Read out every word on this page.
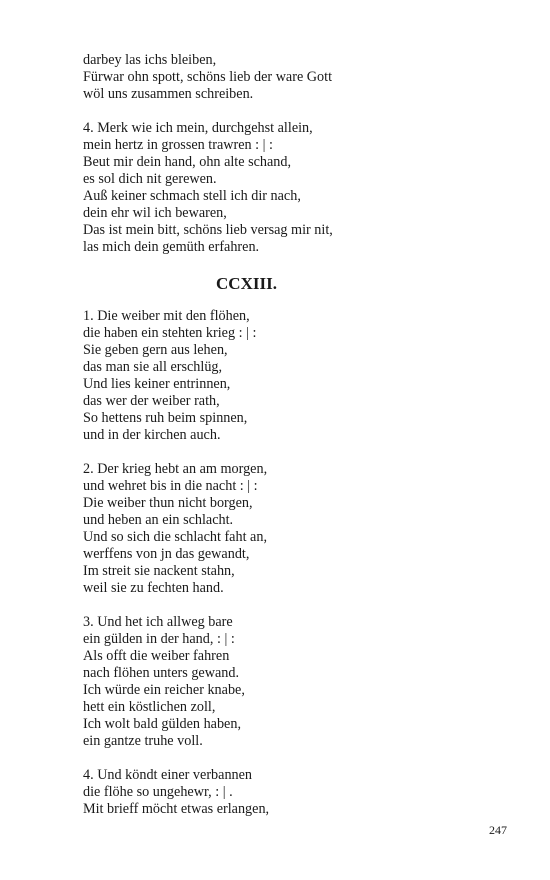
darbey las ichs bleiben,
Fürwar ohn spott, schöns lieb der ware Gott
wöl uns zusammen schreiben.
4. Merk wie ich mein, durchgehst allein,
mein hertz in grossen trawren : | :
Beut mir dein hand, ohn alte schand,
es sol dich nit gerewen.
Auß keiner schmach stell ich dir nach,
dein ehr wil ich bewaren,
Das ist mein bitt, schöns lieb versag mir nit,
las mich dein gemüth erfahren.
CCXIII.
1. Die weiber mit den flöhen,
die haben ein stehten krieg : | :
Sie geben gern aus lehen,
das man sie all erschlüg,
Und lies keiner entrinnen,
das wer der weiber rath,
So hettens ruh beim spinnen,
und in der kirchen auch.
2. Der krieg hebt an am morgen,
und wehret bis in die nacht : | :
Die weiber thun nicht borgen,
und heben an ein schlacht.
Und so sich die schlacht faht an,
werffens von jn das gewandt,
Im streit sie nackent stahn,
weil sie zu fechten hand.
3. Und het ich allweg bare
ein gülden in der hand, : | :
Als offt die weiber fahren
nach flöhen unters gewand.
Ich würde ein reicher knabe,
hett ein köstlichen zoll,
Ich wolt bald gülden haben,
ein gantze truhe voll.
4. Und köndt einer verbannen
die flöhe so ungehewr, : | .
Mit brieff möcht etwas erlangen,
247
